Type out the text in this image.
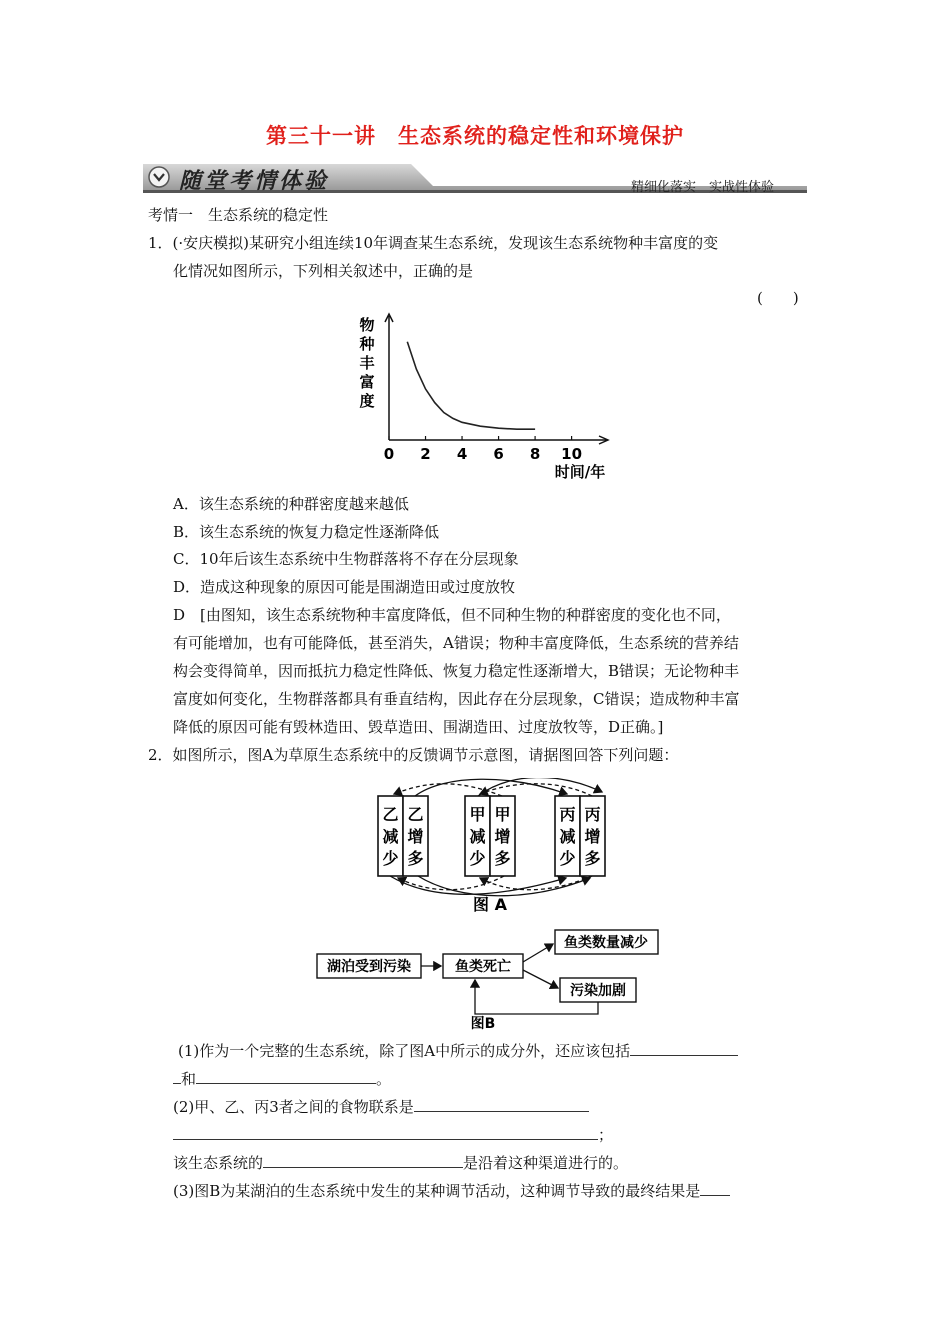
第三十一讲　生态系统的稳定性和环境保护
随堂考情体验	精细化落实　实战性体验
考情一　生态系统的稳定性
1．(·安庆模拟)某研究小组连续10年调查某生态系统，发现该生态系统物种丰富度的变
化情况如图所示，下列相关叙述中，正确的是
(　　)
0 2 4 6 8 10
物种丰富度
时间/年
A．该生态系统的种群密度越来越低
B．该生态系统的恢复力稳定性逐渐降低
C．10年后该生态系统中生物群落将不存在分层现象
D．造成这种现象的原因可能是围湖造田或过度放牧
D　[由图知，该生态系统物种丰富度降低，但不同种生物的种群密度的变化也不同，
有可能增加，也有可能降低，甚至消失，A错误；物种丰富度降低，生态系统的营养结
构会变得简单，因而抵抗力稳定性降低、恢复力稳定性逐渐增大，B错误；无论物种丰
富度如何变化，生物群落都具有垂直结构，因此存在分层现象，C错误；造成物种丰富
降低的原因可能有毁林造田、毁草造田、围湖造田、过度放牧等，D正确。]
2．如图所示，图A为草原生态系统中的反馈调节示意图，请据图回答下列问题：
乙减少
乙增多
甲减少
甲增多
丙减少
丙增多
图 A
湖泊受到污染	鱼类死亡
鱼类数量减少
污染加剧
图B
(1)作为一个完整的生态系统，除了图A中所示的成分外，还应该包括
和	。
(2)甲、乙、丙3者之间的食物联系是
；
该生态系统的	是沿着这种渠道进行的。
(3)图B为某湖泊的生态系统中发生的某种调节活动，这种调节导致的最终结果是
